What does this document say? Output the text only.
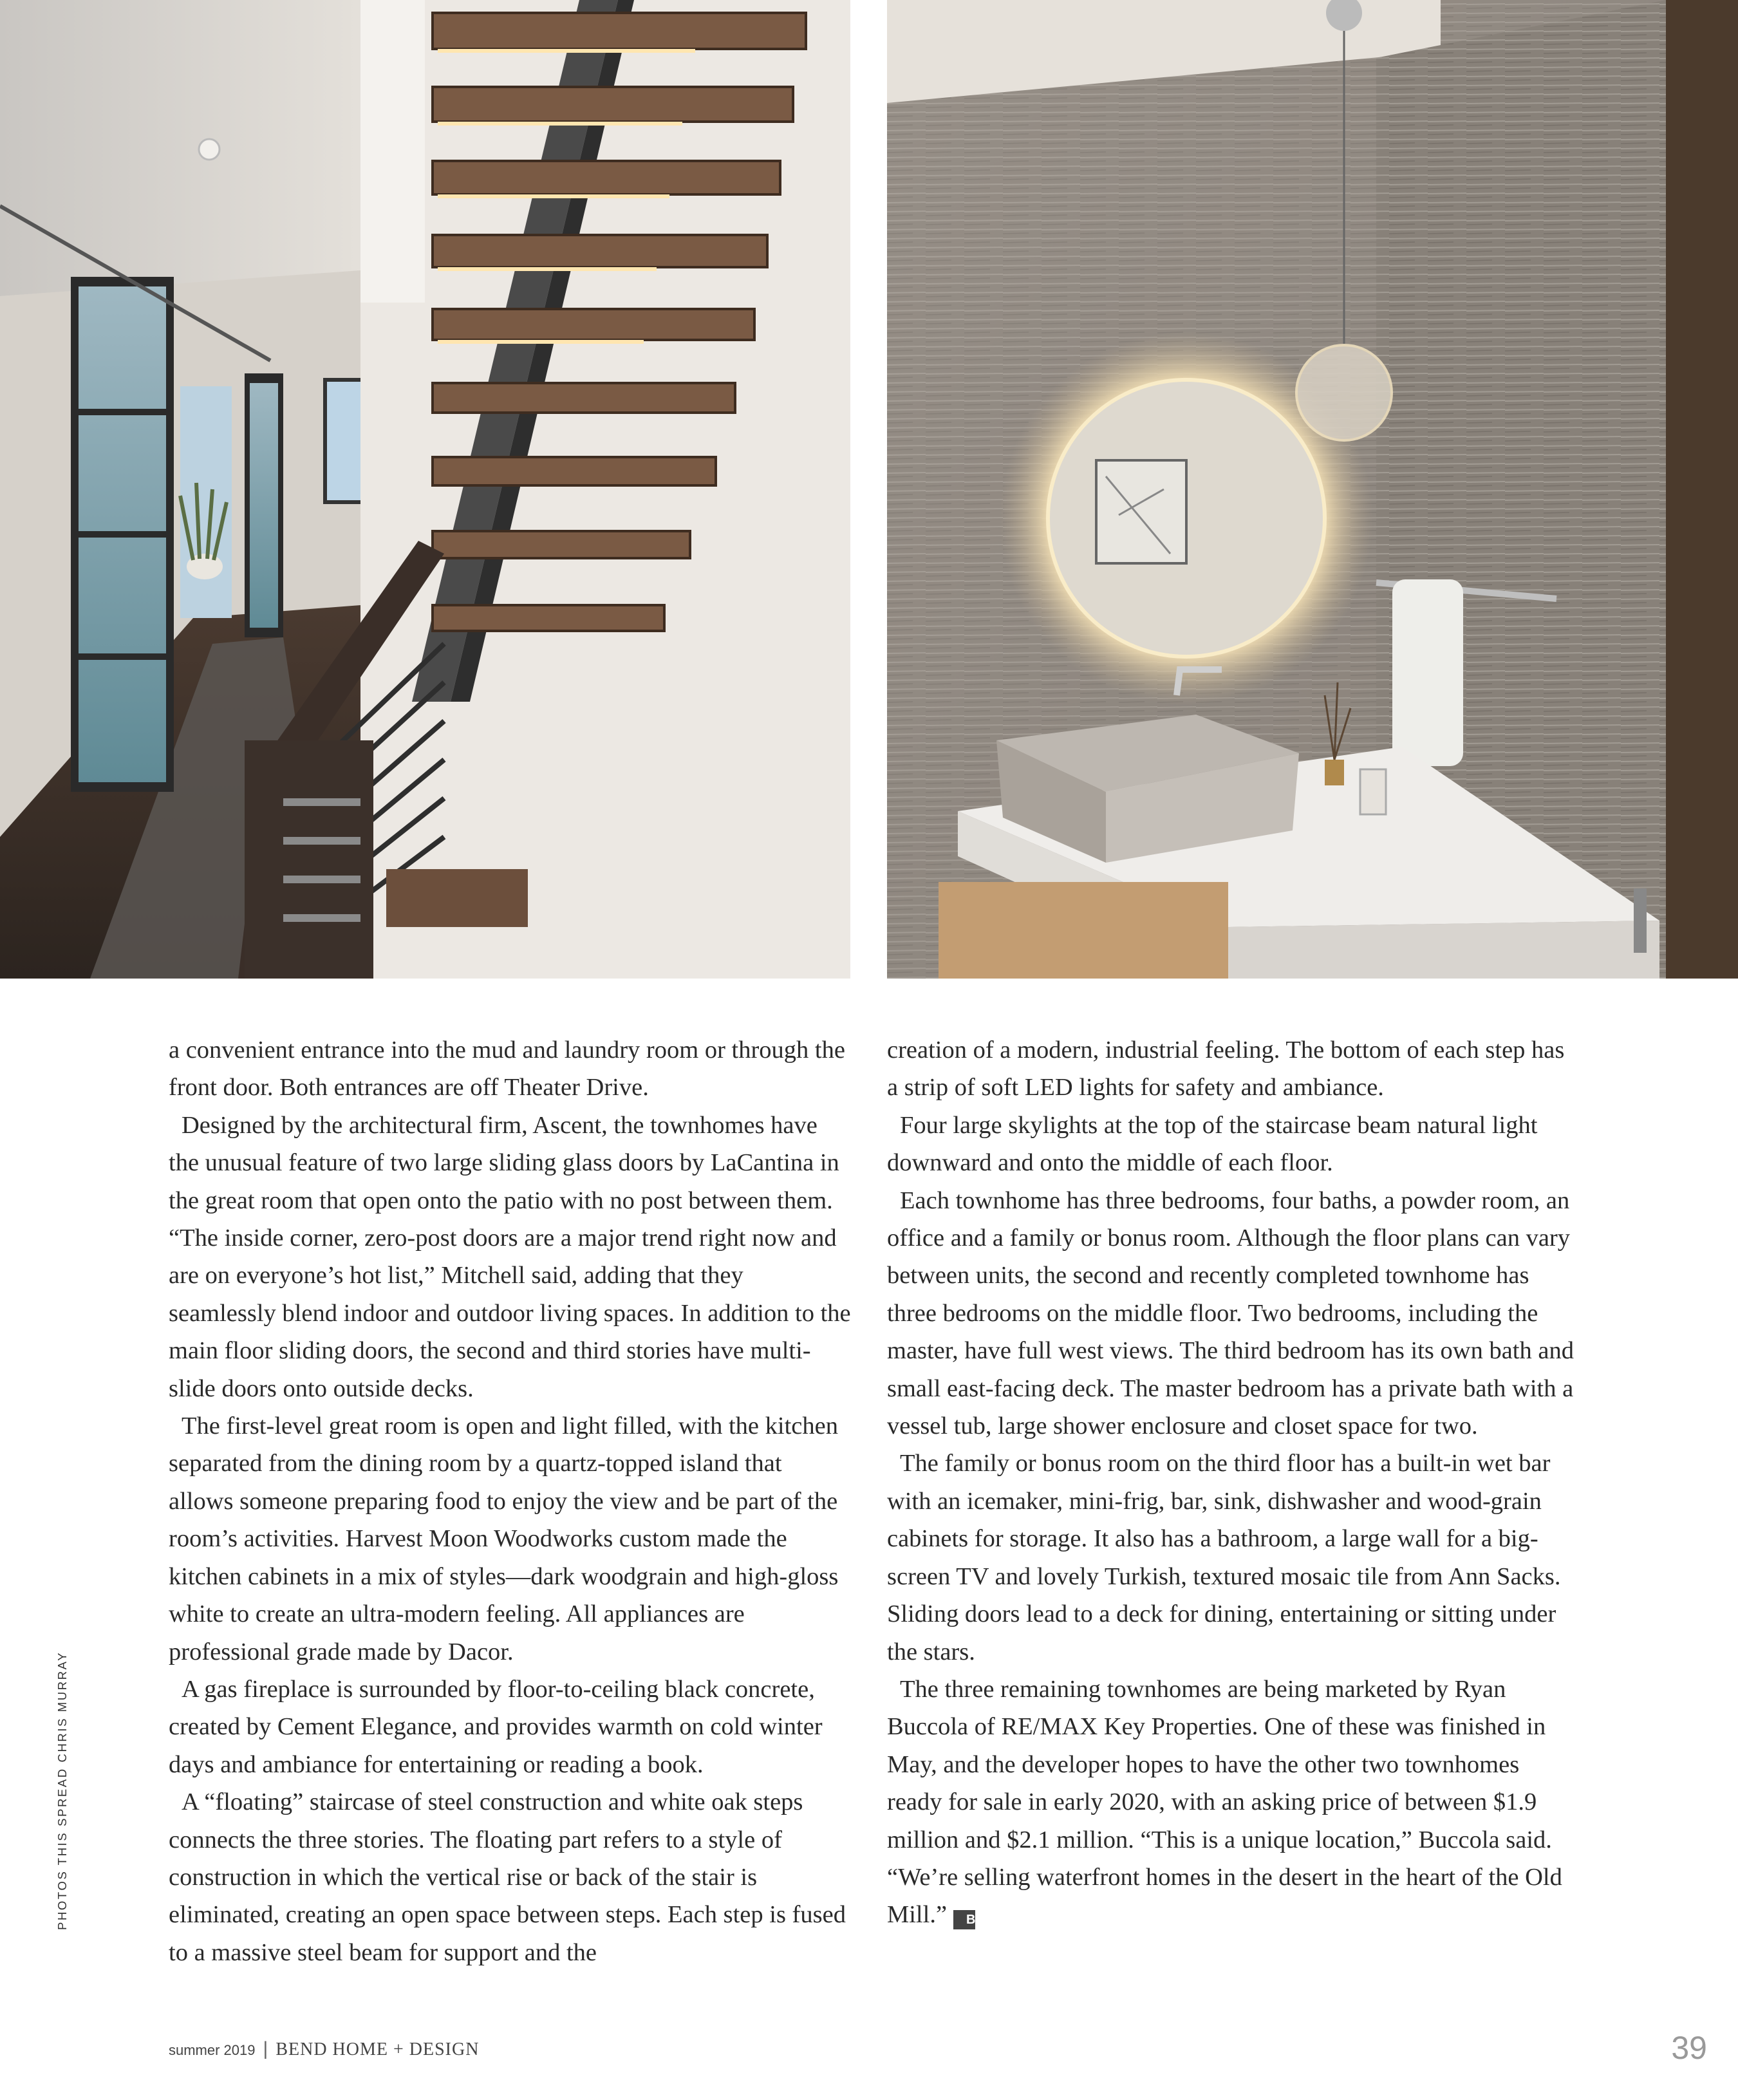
a convenient entrance into the mud and laundry room or through the front door. Both entrances are off Theater Drive.

Designed by the architectural firm, Ascent, the townhomes have the unusual feature of two large sliding glass doors by LaCantina in the great room that open onto the patio with no post between them. “The inside corner, zero-post doors are a major trend right now and are on everyone’s hot list,” Mitchell said, adding that they seamlessly blend indoor and outdoor living spaces. In addition to the main floor sliding doors, the second and third stories have multi-slide doors onto outside decks.

The first-level great room is open and light filled, with the kitchen separated from the dining room by a quartz-topped island that allows someone preparing food to enjoy the view and be part of the room’s activities. Harvest Moon Woodworks custom made the kitchen cabinets in a mix of styles—dark woodgrain and high-gloss white to create an ultra-modern feeling. All appliances are professional grade made by Dacor.

A gas fireplace is surrounded by floor-to-ceiling black concrete, created by Cement Elegance, and provides warmth on cold winter days and ambiance for entertaining or reading a book.

A “floating” staircase of steel construction and white oak steps connects the three stories. The floating part refers to a style of construction in which the vertical rise or back of the stair is eliminated, creating an open space between steps. Each step is fused to a massive steel beam for support and the

creation of a modern, industrial feeling. The bottom of each step has a strip of soft LED lights for safety and ambiance.

Four large skylights at the top of the staircase beam natural light downward and onto the middle of each floor.

Each townhome has three bedrooms, four baths, a powder room, an office and a family or bonus room. Although the floor plans can vary between units, the second and recently completed townhome has three bedrooms on the middle floor. Two bedrooms, including the master, have full west views. The third bedroom has its own bath and small east-facing deck. The master bedroom has a private bath with a vessel tub, large shower enclosure and closet space for two.

The family or bonus room on the third floor has a built-in wet bar with an icemaker, mini-frig, bar, sink, dishwasher and wood-grain cabinets for storage. It also has a bathroom, a large wall for a big-screen TV and lovely Turkish, textured mosaic tile from Ann Sacks. Sliding doors lead to a deck for dining, entertaining or sitting under the stars.

The three remaining townhomes are being marketed by Ryan Buccola of RE/MAX Key Properties. One of these was finished in May, and the developer hopes to have the other two townhomes ready for sale in early 2020, with an asking price of between $1.9 million and $2.1 million. “This is a unique location,” Buccola said. “We’re selling waterfront homes in the desert in the heart of the Old Mill.” BH

PHOTOS THIS SPREAD CHRIS MURRAY
summer 2019 | BEND HOME + DESIGN	39
